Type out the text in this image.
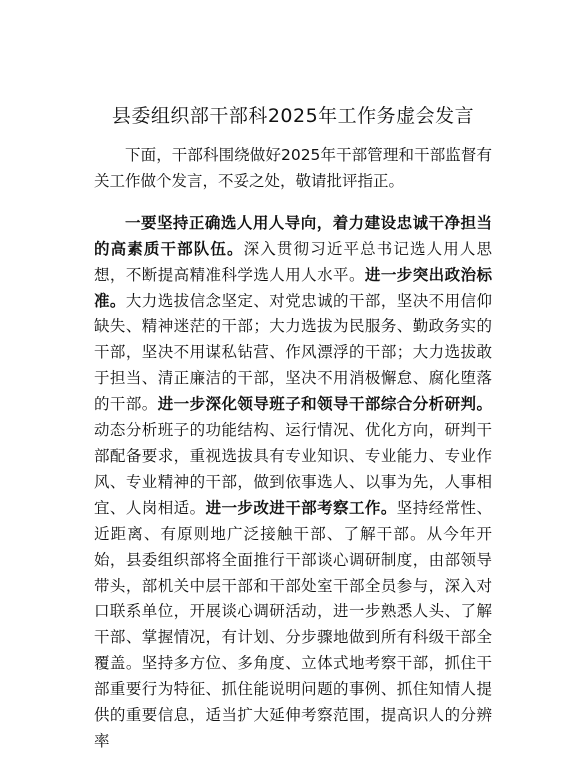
县委组织部干部科2025年工作务虚会发言

下面，干部科围绕做好2025年干部管理和干部监督有关工作做个发言，不妥之处，敬请批评指正。

一要坚持正确选人用人导向，着力建设忠诚干净担当的高素质干部队伍。深入贯彻习近平总书记选人用人思想，不断提高精准科学选人用人水平。进一步突出政治标准。大力选拔信念坚定、对党忠诚的干部，坚决不用信仰缺失、精神迷茫的干部；大力选拔为民服务、勤政务实的干部，坚决不用谋私钻营、作风漂浮的干部；大力选拔敢于担当、清正廉洁的干部，坚决不用消极懈怠、腐化堕落的干部。进一步深化领导班子和领导干部综合分析研判。动态分析班子的功能结构、运行情况、优化方向，研判干部配备要求，重视选拔具有专业知识、专业能力、专业作风、专业精神的干部，做到依事选人、以事为先，人事相宜、人岗相适。进一步改进干部考察工作。坚持经常性、近距离、有原则地广泛接触干部、了解干部。从今年开始，县委组织部将全面推行干部谈心调研制度，由部领导带头，部机关中层干部和干部处室干部全员参与，深入对口联系单位，开展谈心调研活动，进一步熟悉人头、了解干部、掌握情况，有计划、分步骤地做到所有科级干部全覆盖。坚持多方位、多角度、立体式地考察干部，抓住干部重要行为特征、抓住能说明问题的事例、抓住知情人提供的重要信息，适当扩大延伸考察范围，提高识人的分辨率
